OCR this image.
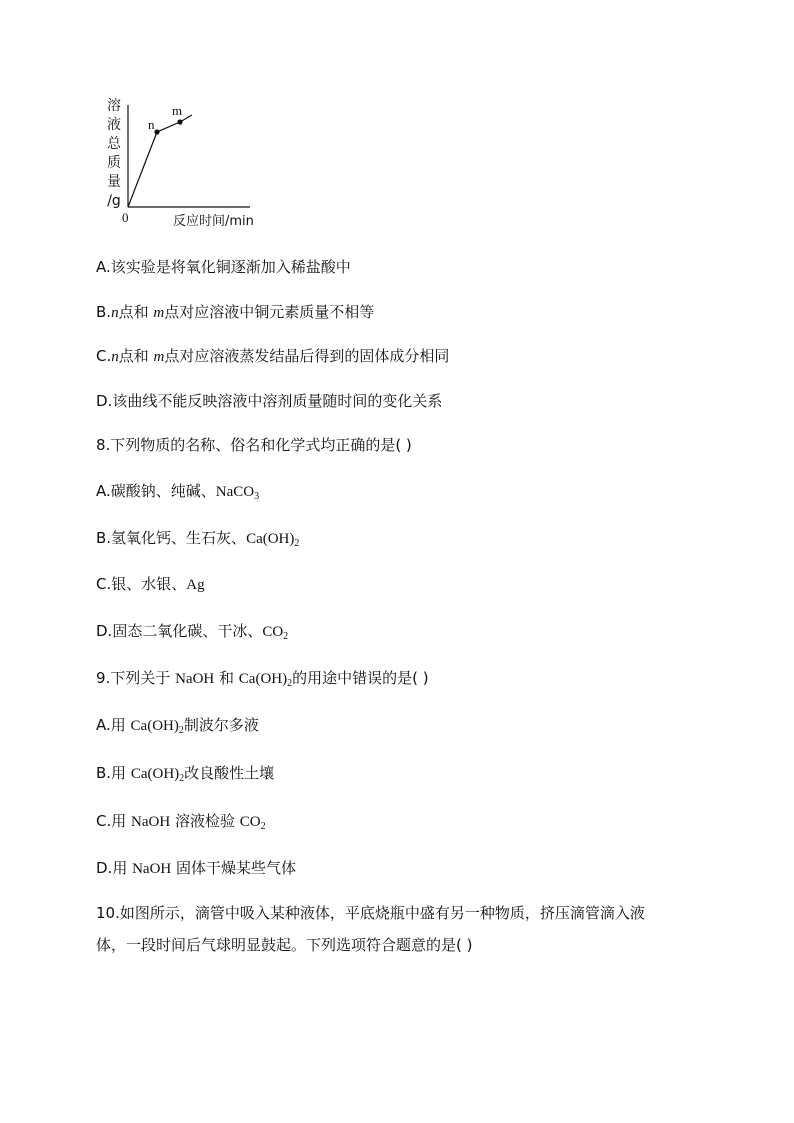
溶
液
总
质
量
/g
0	反应时间/min
n
m
A.该实验是将氧化铜逐渐加入稀盐酸中
B.n点和 m点对应溶液中铜元素质量不相等
C.n点和 m点对应溶液蒸发结晶后得到的固体成分相同
D.该曲线不能反映溶液中溶剂质量随时间的变化关系
8.下列物质的名称、俗名和化学式均正确的是( )
A.碳酸钠、纯碱、NaCO$_3$
B.氢氧化钙、生石灰、$Ca(OH)_2$
C.银、水银、Ag
D.固态二氧化碳、干冰、$CO_2$
9.下列关于 NaOH 和 $Ca(OH)_2$的用途中错误的是( )
A.用 $Ca(OH)_2$制波尔多液
B.用 $Ca(OH)_2$改良酸性土壤
C.用 NaOH 溶液检验 $CO_2$
D.用 NaOH 固体干燥某些气体
10.如图所示，滴管中吸入某种液体，平底烧瓶中盛有另一种物质，挤压滴管滴入液
体，一段时间后气球明显鼓起。下列选项符合题意的是( )
